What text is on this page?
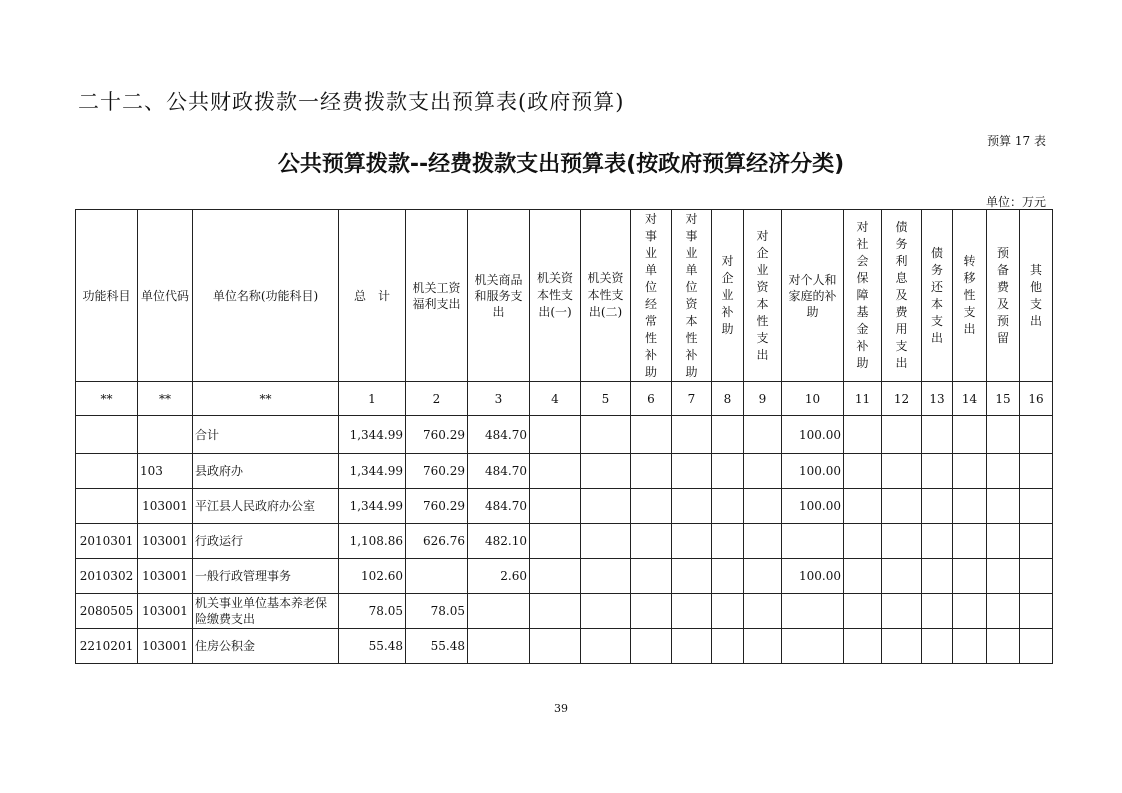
二十二、公共财政拨款一经费拨款支出预算表(政府预算)
预算 17 表
公共预算拨款--经费拨款支出预算表(按政府预算经济分类)
单位：万元
功能科目	单位代码	单位名称(功能科目)	总　计	机关工资福利支出	机关商品和服务支出	机关资本性支出(一)	机关资本性支出(二)	对事业单位经常性补助	对事业单位资本性补助	对企业补助	对企业资本性支出	对个人和家庭的补助	对社会保障基金补助	债务利息及费用支出	债务还本支出	转移性支出	预备费及预留	其他支出
**	**	**	1	2	3	4	5	6	7	8	9	10	11	12	13	14	15	16
		合计	1,344.99	760.29	484.70							100.00						
	103	县政府办	1,344.99	760.29	484.70							100.00						
	103001	平江县人民政府办公室	1,344.99	760.29	484.70							100.00						
2010301	103001	行政运行	1,108.86	626.76	482.10													
2010302	103001	一般行政管理事务	102.60		2.60							100.00						
2080505	103001	机关事业单位基本养老保险缴费支出	78.05	78.05														
2210201	103001	住房公积金	55.48	55.48														
39
